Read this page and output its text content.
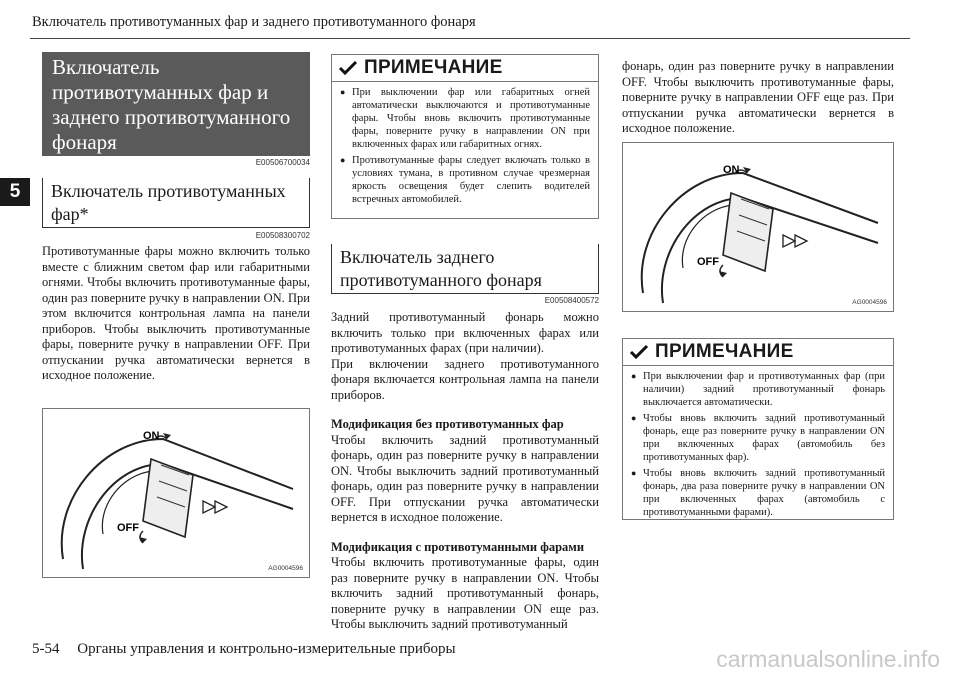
Включатель противотуманных фар и заднего противотуманного фонаря
5
Включатель противотуманных фар и заднего противотуманного фонаря
E00506700034
Включатель противотуманных фар*
E00508300702

Противотуманные фары можно включить только вместе с ближним светом фар или габаритными огнями. Чтобы включить противотуманные фары, один раз поверните ручку в направлении ON. При этом включится контрольная лампа на панели приборов. Чтобы выключить противотуманные фары, поверните ручку в направлении OFF. При отпускании ручка автоматически вернется в исходное положение.

ON
OFF
AG0004596
ПРИМЕЧАНИЕ
● При выключении фар или габаритных огней автоматически выключаются и противотуманные фары. Чтобы вновь включить противотуманные фары, поверните ручку в направлении ON при включенных фарах или габаритных огнях.
● Противотуманные фары следует включать только в условиях тумана, в противном случае чрезмерная яркость освещения будет слепить водителей встречных автомобилей.
Включатель заднего противотуманного фонаря
E00508400572

Задний противотуманный фонарь можно включить только при включенных фарах или противотуманных фарах (при наличии).

При включении заднего противотуманного фонаря включается контрольная лампа на панели приборов.

Модификация без противотуманных фар

Чтобы включить задний противотуманный фонарь, один раз поверните ручку в направлении ON. Чтобы выключить задний противотуманный фонарь, один раз поверните ручку в направлении OFF. При отпускании ручка автоматически вернется в исходное положение.

Модификация с противотуманными фарами

Чтобы включить противотуманные фары, один раз поверните ручку в направлении ON. Чтобы включить задний противотуманный фонарь, поверните ручку в направлении ON еще раз. Чтобы выключить задний противотуманный

фонарь, один раз поверните ручку в направлении OFF. Чтобы выключить противотуманные фары, поверните ручку в направлении OFF еще раз. При отпускании ручка автоматически вернется в исходное положение.

ON
OFF
AG0004596
ПРИМЕЧАНИЕ
● При выключении фар и противотуманных фар (при наличии) задний противотуманный фонарь выключается автоматически.
● Чтобы вновь включить задний противотуманный фонарь, еще раз поверните ручку в направлении ON при включенных фарах (автомобиль без противотуманных фар).
● Чтобы вновь включить задний противотуманный фонарь, два раза поверните ручку в направлении ON при включенных фарах (автомобиль с противотуманными фарами).
5-54 Органы управления и контрольно-измерительные приборы	carmanualsonline.info
